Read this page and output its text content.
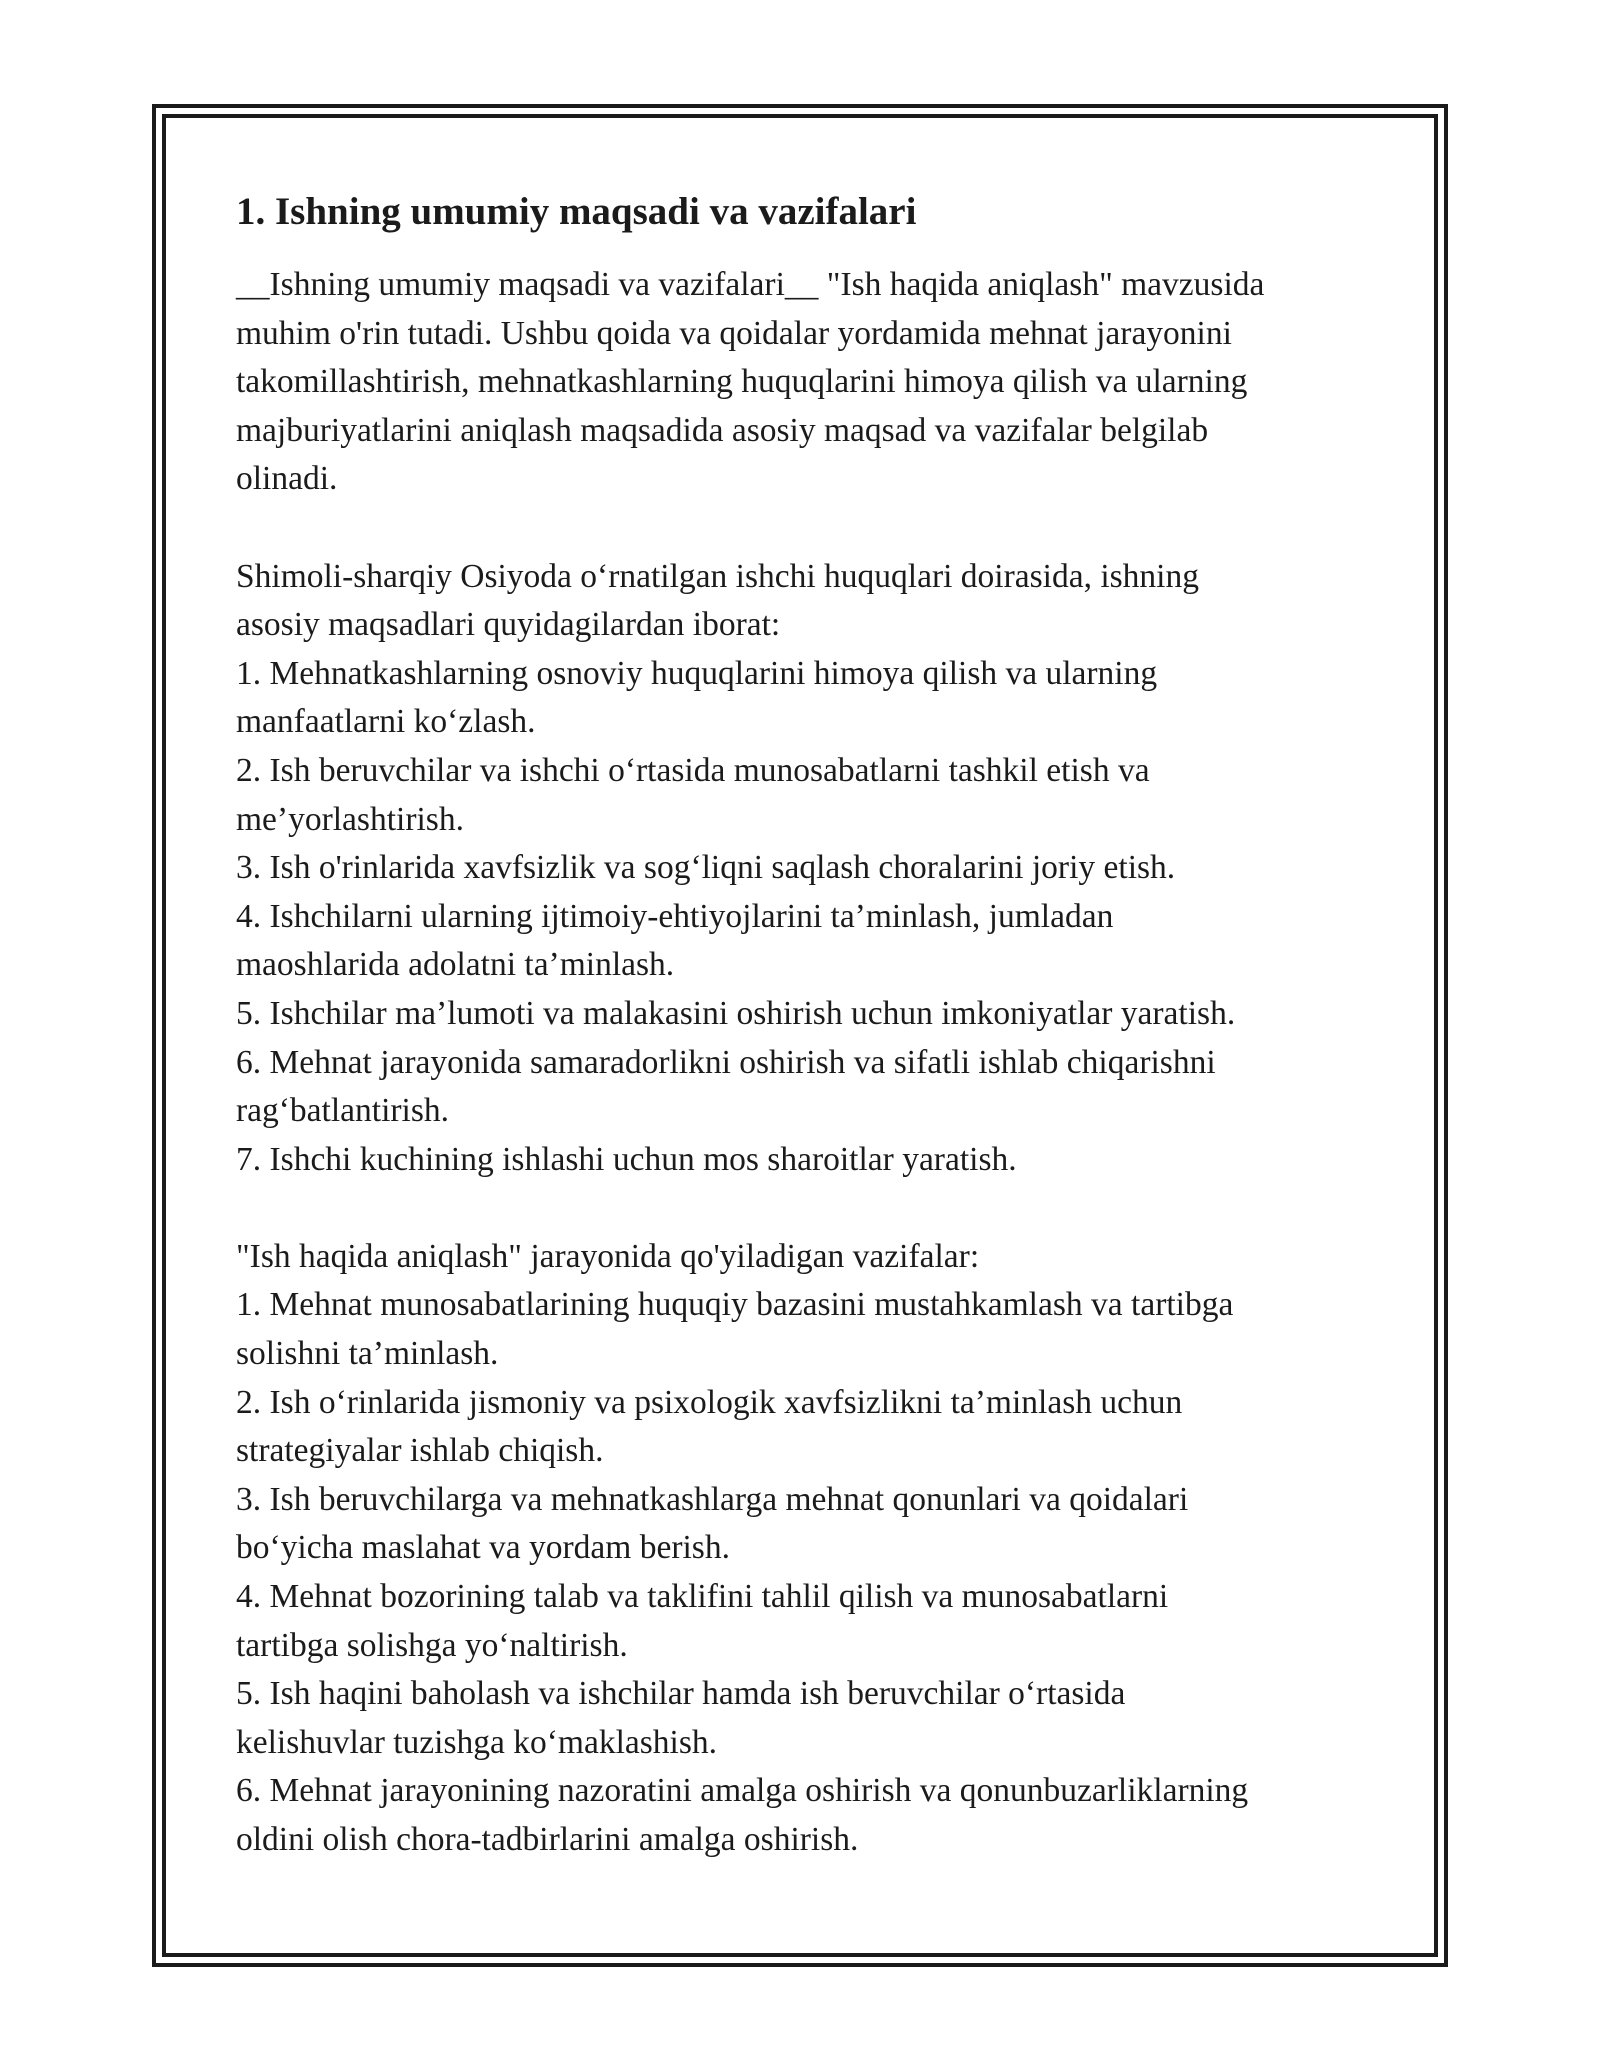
1. Ishning umumiy maqsadi va vazifalari

__Ishning umumiy maqsadi va vazifalari__ "Ish haqida aniqlash" mavzusida
muhim o'rin tutadi. Ushbu qoida va qoidalar yordamida mehnat jarayonini
takomillashtirish, mehnatkashlarning huquqlarini himoya qilish va ularning
majburiyatlarini aniqlash maqsadida asosiy maqsad va vazifalar belgilab
olinadi.

Shimoli-sharqiy Osiyoda o‘rnatilgan ishchi huquqlari doirasida, ishning
asosiy maqsadlari quyidagilardan iborat:
1. Mehnatkashlarning osnoviy huquqlarini himoya qilish va ularning
manfaatlarni ko‘zlash.
2. Ish beruvchilar va ishchi o‘rtasida munosabatlarni tashkil etish va
me’yorlashtirish.
3. Ish o'rinlarida xavfsizlik va sog‘liqni saqlash choralarini joriy etish.
4. Ishchilarni ularning ijtimoiy-ehtiyojlarini ta’minlash, jumladan
maoshlarida adolatni ta’minlash.
5. Ishchilar ma’lumoti va malakasini oshirish uchun imkoniyatlar yaratish.
6. Mehnat jarayonida samaradorlikni oshirish va sifatli ishlab chiqarishni
rag‘batlantirish.
7. Ishchi kuchining ishlashi uchun mos sharoitlar yaratish.

"Ish haqida aniqlash" jarayonida qo'yiladigan vazifalar:
1. Mehnat munosabatlarining huquqiy bazasini mustahkamlash va tartibga
solishni ta’minlash.
2. Ish o‘rinlarida jismoniy va psixologik xavfsizlikni ta’minlash uchun
strategiyalar ishlab chiqish.
3. Ish beruvchilarga va mehnatkashlarga mehnat qonunlari va qoidalari
bo‘yicha maslahat va yordam berish.
4. Mehnat bozorining talab va taklifini tahlil qilish va munosabatlarni
tartibga solishga yo‘naltirish.
5. Ish haqini baholash va ishchilar hamda ish beruvchilar o‘rtasida
kelishuvlar tuzishga ko‘maklashish.
6. Mehnat jarayonining nazoratini amalga oshirish va qonunbuzarliklarning
oldini olish chora-tadbirlarini amalga oshirish.
